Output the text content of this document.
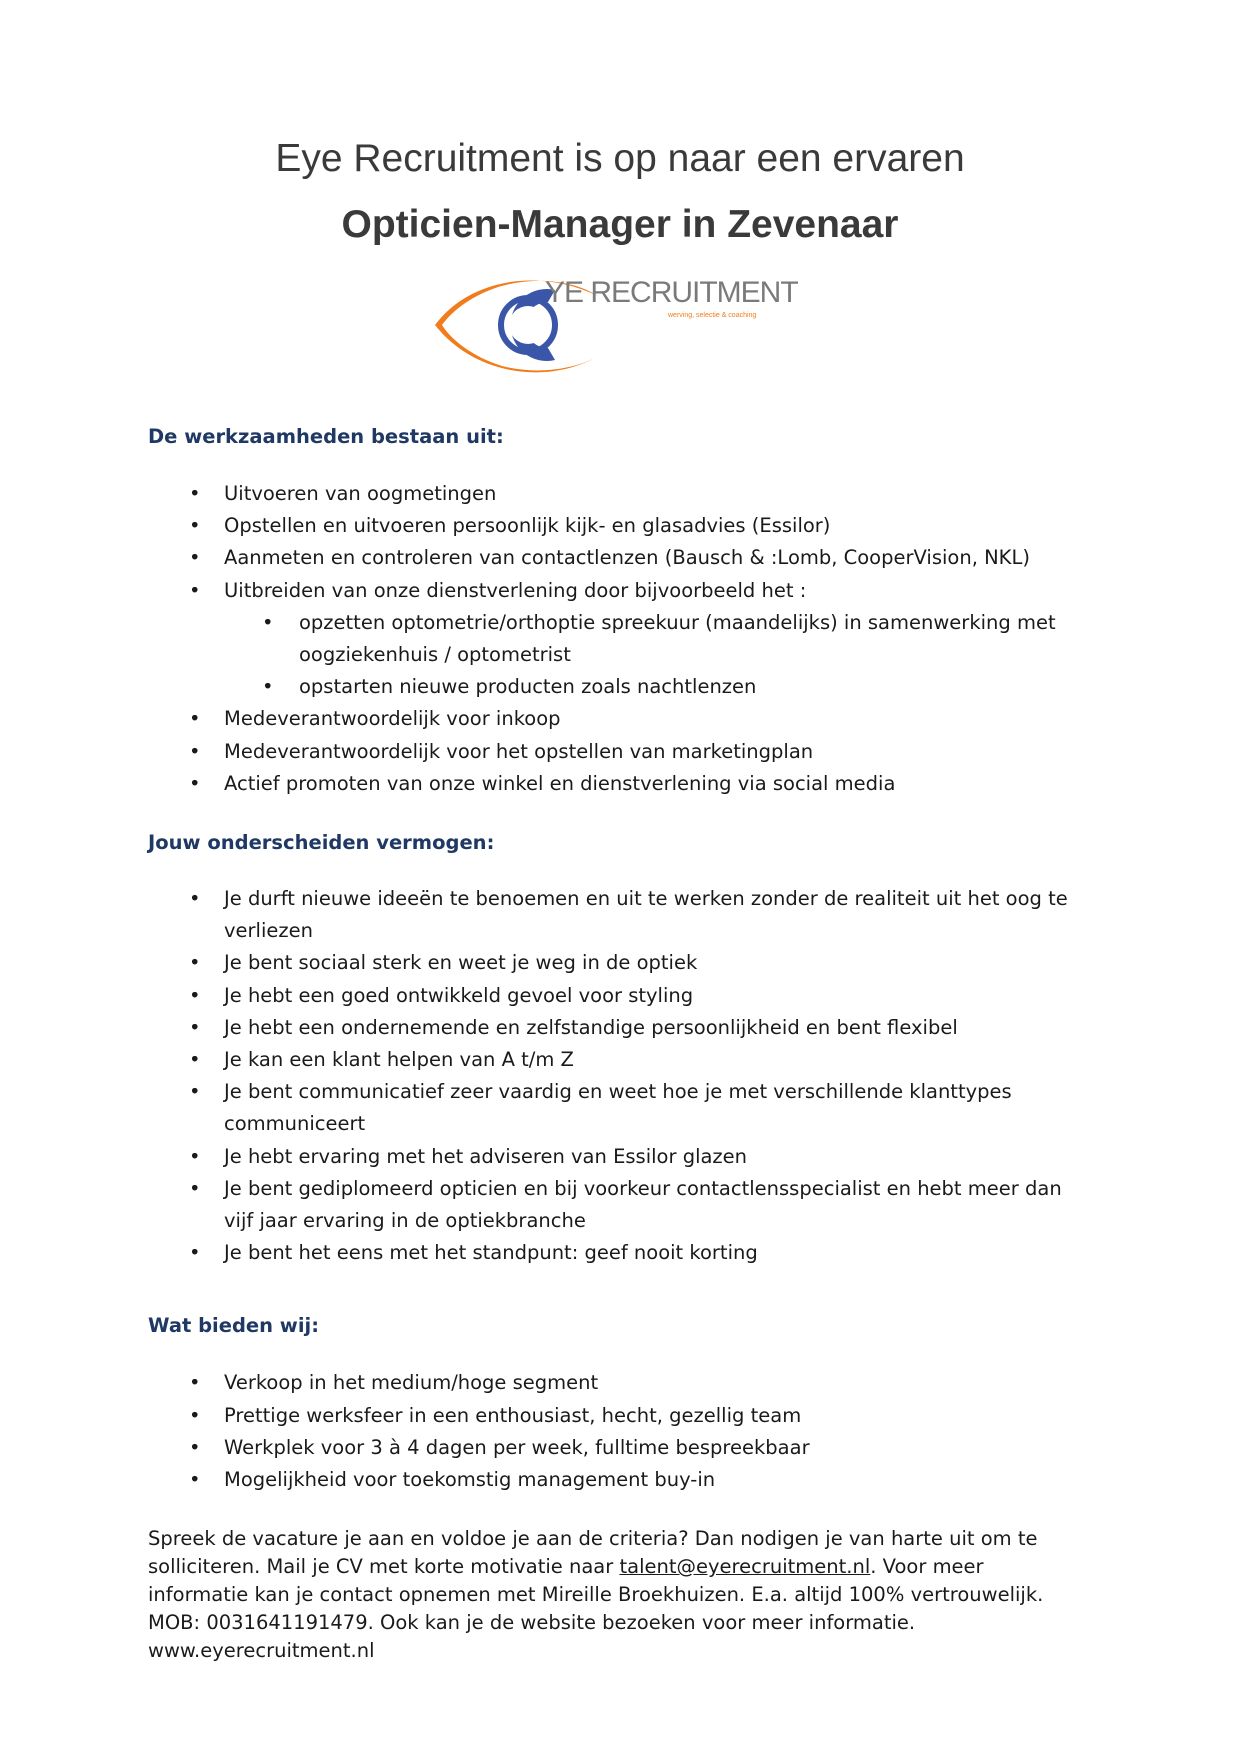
Eye Recruitment is op naar een ervaren
Opticien-Manager in Zevenaar
YE RECRUITMENT
werving, selectie & coaching
De werkzaamheden bestaan uit:
• Uitvoeren van oogmetingen
• Opstellen en uitvoeren persoonlijk kijk- en glasadvies (Essilor)
• Aanmeten en controleren van contactlenzen (Bausch & :Lomb, CooperVision, NKL)
• Uitbreiden van onze dienstverlening door bijvoorbeeld het :
• opzetten optometrie/orthoptie spreekuur (maandelijks) in samenwerking met oogziekenhuis / optometrist
• opstarten nieuwe producten zoals nachtlenzen
• Medeverantwoordelijk voor inkoop
• Medeverantwoordelijk voor het opstellen van marketingplan
• Actief promoten van onze winkel en dienstverlening via social media
Jouw onderscheiden vermogen:
• Je durft nieuwe ideeën te benoemen en uit te werken zonder de realiteit uit het oog te verliezen
• Je bent sociaal sterk en weet je weg in de optiek
• Je hebt een goed ontwikkeld gevoel voor styling
• Je hebt een ondernemende en zelfstandige persoonlijkheid en bent flexibel
• Je kan een klant helpen van A t/m Z
• Je bent communicatief zeer vaardig en weet hoe je met verschillende klanttypes communiceert
• Je hebt ervaring met het adviseren van Essilor glazen
• Je bent gediplomeerd opticien en bij voorkeur contactlensspecialist en hebt meer dan vijf jaar ervaring in de optiekbranche
• Je bent het eens met het standpunt: geef nooit korting
Wat bieden wij:
• Verkoop in het medium/hoge segment
• Prettige werksfeer in een enthousiast, hecht, gezellig team
• Werkplek voor 3 à 4 dagen per week, fulltime bespreekbaar
• Mogelijkheid voor toekomstig management buy-in

Spreek de vacature je aan en voldoe je aan de criteria? Dan nodigen je van harte uit om te solliciteren. Mail je CV met korte motivatie naar talent@eyerecruitment.nl. Voor meer informatie kan je contact opnemen met Mireille Broekhuizen. E.a. altijd 100% vertrouwelijk. MOB: 0031641191479. Ook kan je de website bezoeken voor meer informatie. www.eyerecruitment.nl
